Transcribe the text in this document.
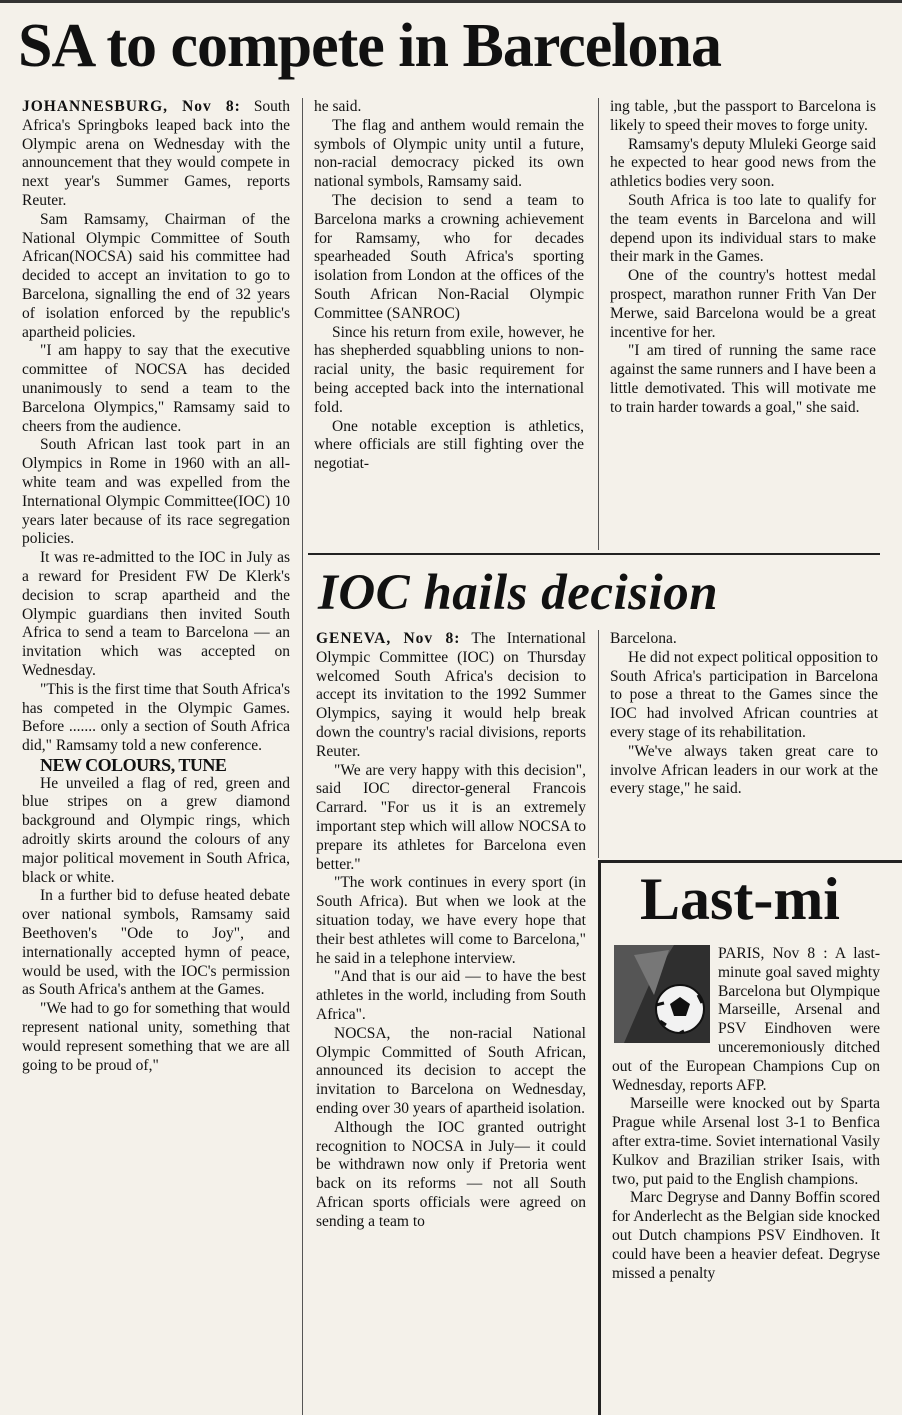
SA to compete in Barcelona

JOHANNESBURG, Nov 8: South Africa's Springboks leaped back into the Olympic arena on Wednesday with the announcement that they would compete in next year's Summer Games, reports Reuter.

Sam Ramsamy, Chairman of the National Olympic Committee of South African(NOCSA) said his committee had decided to accept an invitation to go to Barcelona, signalling the end of 32 years of isolation enforced by the republic's apartheid policies.

"I am happy to say that the executive committee of NOCSA has decided unanimously to send a team to the Barcelona Olympics," Ramsamy said to cheers from the audience.

South African last took part in an Olympics in Rome in 1960 with an all-white team and was expelled from the International Olympic Committee(IOC) 10 years later because of its race segregation policies.

It was re-admitted to the IOC in July as a reward for President FW De Klerk's decision to scrap apartheid and the Olympic guardians then invited South Africa to send a team to Barcelona — an invitation which was accepted on Wednesday.

"This is the first time that South Africa's has competed in the Olympic Games. Before ....... only a section of South Africa did," Ramsamy told a new conference.

NEW COLOURS, TUNE

He unveiled a flag of red, green and blue stripes on a grew diamond background and Olympic rings, which adroitly skirts around the colours of any major political movement in South Africa, black or white.

In a further bid to defuse heated debate over national symbols, Ramsamy said Beethoven's "Ode to Joy", and internationally accepted hymn of peace, would be used, with the IOC's permission as South Africa's anthem at the Games.

"We had to go for something that would represent national unity, something that would represent something that we are all going to be proud of,"

he said.

The flag and anthem would remain the symbols of Olympic unity until a future, non-racial democracy picked its own national symbols, Ramsamy said.

The decision to send a team to Barcelona marks a crowning achievement for Ramsamy, who for decades spearheaded South Africa's sporting isolation from London at the offices of the South African Non-Racial Olympic Committee (SANROC)

Since his return from exile, however, he has shepherded squabbling unions to non-racial unity, the basic requirement for being accepted back into the international fold.

One notable exception is athletics, where officials are still fighting over the negotiat-

ing table, ,but the passport to Barcelona is likely to speed their moves to forge unity.

Ramsamy's deputy Mluleki George said he expected to hear good news from the athletics bodies very soon.

South Africa is too late to qualify for the team events in Barcelona and will depend upon its individual stars to make their mark in the Games.

One of the country's hottest medal prospect, marathon runner Frith Van Der Merwe, said Barcelona would be a great incentive for her.

"I am tired of running the same race against the same runners and I have been a little demotivated. This will motivate me to train harder towards a goal," she said.

IOC hails decision

GENEVA, Nov 8: The International Olympic Committee (IOC) on Thursday welcomed South Africa's decision to accept its invitation to the 1992 Summer Olympics, saying it would help break down the country's racial divisions, reports Reuter.

"We are very happy with this decision", said IOC director-general Francois Carrard. "For us it is an extremely important step which will allow NOCSA to prepare its athletes for Barcelona even better."

"The work continues in every sport (in South Africa). But when we look at the situation today, we have every hope that their best athletes will come to Barcelona," he said in a telephone interview.

"And that is our aid — to have the best athletes in the world, including from South Africa".

NOCSA, the non-racial National Olympic Committed of South African, announced its decision to accept the invitation to Barcelona on Wednesday, ending over 30 years of apartheid isolation.

Although the IOC granted outright recognition to NOCSA in July— it could be withdrawn now only if Pretoria went back on its reforms — not all South African sports officials were agreed on sending a team to

Barcelona.

He did not expect political opposition to South Africa's participation in Barcelona to pose a threat to the Games since the IOC had involved African countries at every stage of its rehabilitation.

"We've always taken great care to involve African leaders in our work at the every stage," he said.

Last-mi

PARIS, Nov 8 : A last-minute goal saved mighty Barcelona but Olympique Marseille, Arsenal and PSV Eindhoven were unceremoniously ditched out of the European Champions Cup on Wednesday, reports AFP.

Marseille were knocked out by Sparta Prague while Arsenal lost 3-1 to Benfica after extra-time. Soviet international Vasily Kulkov and Brazilian striker Isais, with two, put paid to the English champions.

Marc Degryse and Danny Boffin scored for Anderlecht as the Belgian side knocked out Dutch champions PSV Eindhoven. It could have been a heavier defeat. Degryse missed a penalty
